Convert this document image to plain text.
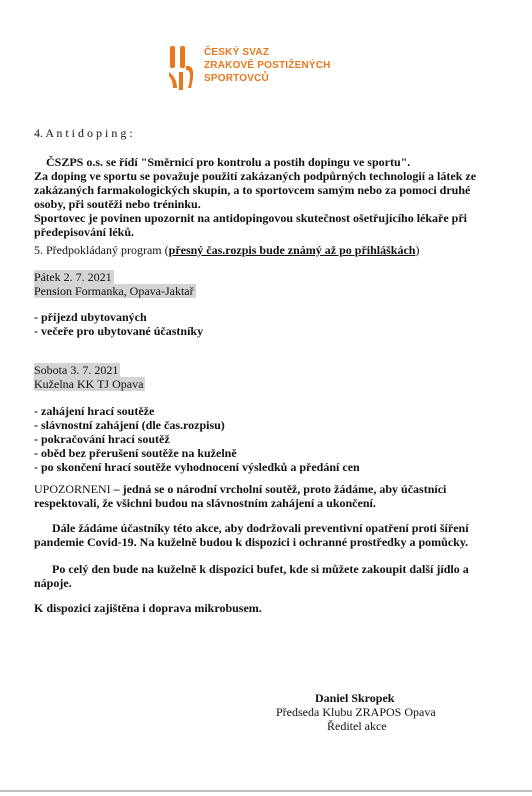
ČESKÝ SVAZ
ZRAKOVĚ POSTIŽENÝCH
SPORTOVCŮ
4. A n t i d o p i n g :
ČSZPS o.s. se řídí "Směrnicí pro kontrolu a postih dopingu ve sportu".
Za doping ve sportu se považuje použití zakázaných podpůrných technologií a látek ze
zakázaných farmakologických skupin, a to sportovcem samým nebo za pomoci druhé
osoby, při soutěži nebo tréninku.
Sportovec je povinen upozornit na antidopingovou skutečnost ošetřujícího lékaře při
předepisování léků.
5. Předpokládaný program (přesný čas.rozpis bude známý až po přihláškách)
Pátek 2. 7. 2021
Pension Formanka, Opava-Jaktař
- příjezd ubytovaných
- večeře pro ubytované účastníky
Sobota 3. 7. 2021
Kuželna KK TJ Opava
- zahájení hrací soutěže
- slávnostní zahájení (dle čas.rozpisu)
- pokračování hrací soutěž
- oběd bez přerušení soutěže na kuželně
- po skončení hrací soutěže vyhodnocení výsledků a předání cen
UPOZORNENI – jedná se o národní vrcholní soutěž, proto žádáme, aby účastníci
respektovali, že všichni budou na slávnostním zahájení a ukončení.
Dále žádáme účastníky této akce, aby dodržovali preventivní opatření proti šíření
pandemie Covid-19. Na kuželně budou k dispozici i ochranné prostředky a pomůcky.
Po celý den bude na kuželně k dispozici bufet, kde si můžete zakoupit další jídlo a
nápoje.
K dispozici zajištěna i doprava mikrobusem.
Daniel Skropek
Předseda Klubu ZRAPOS Opava
Ředitel akce
